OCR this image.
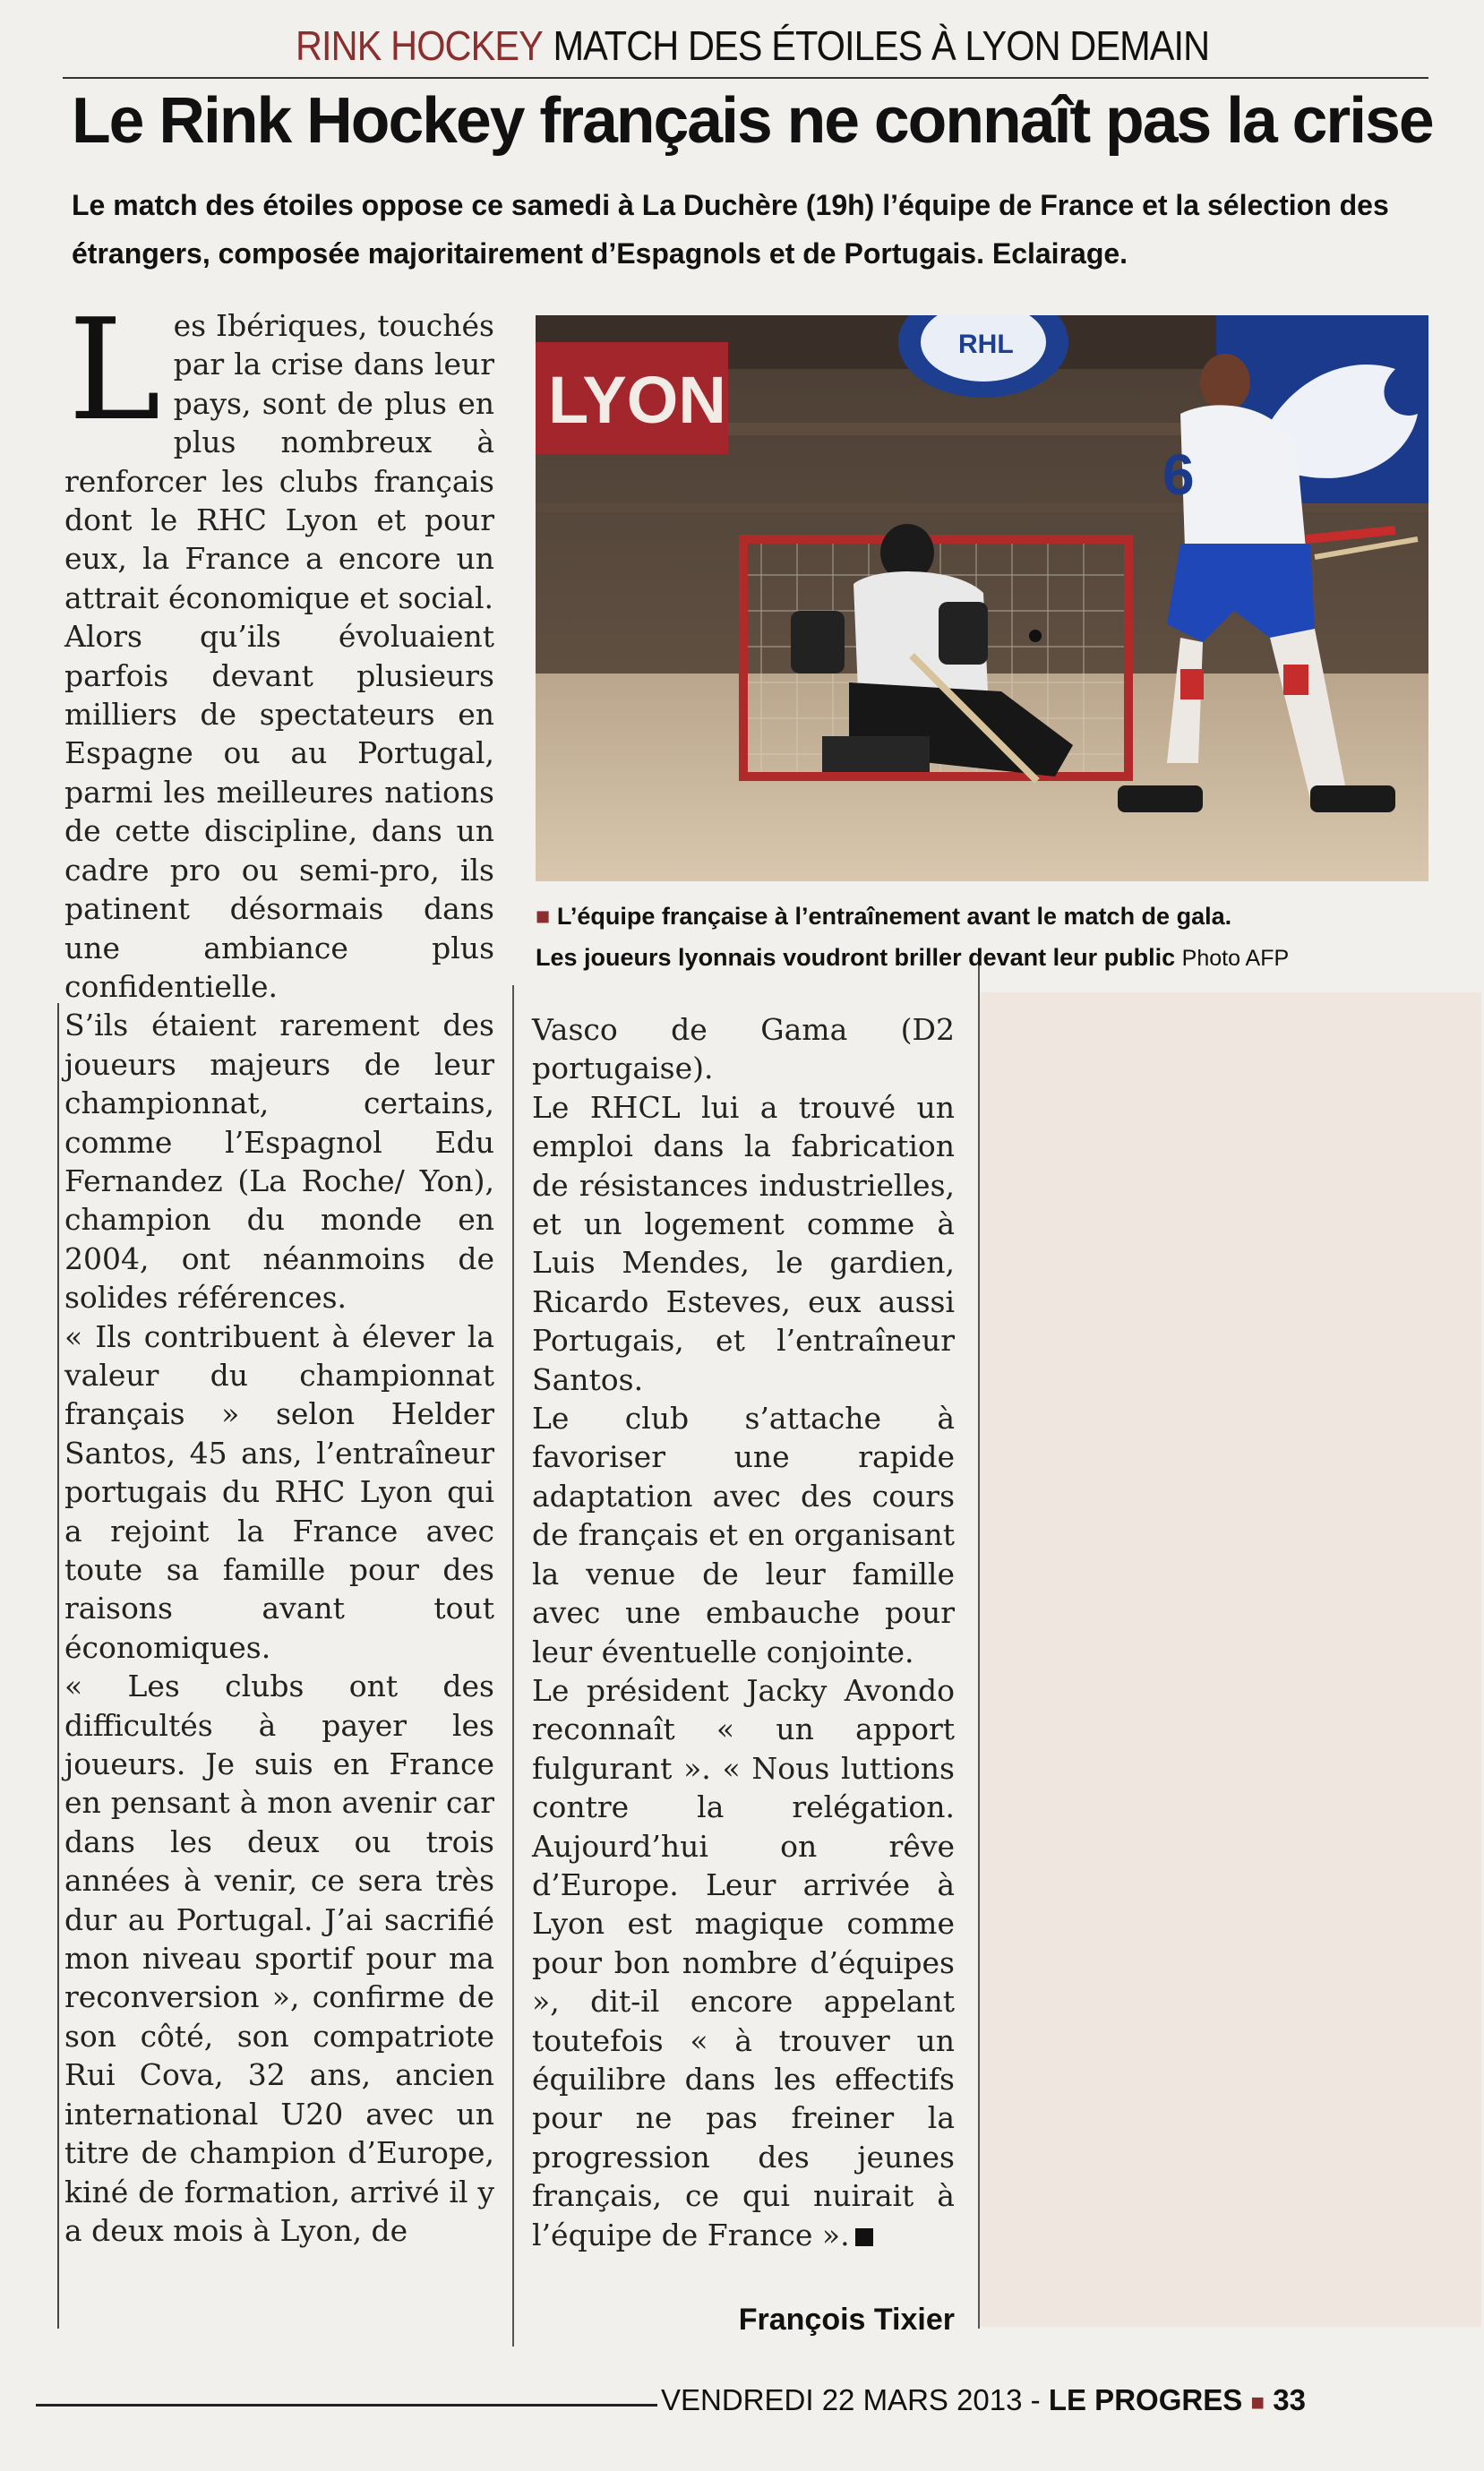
RINK HOCKEY MATCH DES ÉTOILES À LYON DEMAIN
Le Rink Hockey français ne connaît pas la crise
Le match des étoiles oppose ce samedi à La Duchère (19h) l’équipe de France et la sélection des étrangers, composée majoritairement d’Espagnols et de Portugais. Eclairage.

Les Ibériques, touchés par la crise dans leur pays, sont de plus en plus nombreux à renforcer les clubs français dont le RHC Lyon et pour eux, la France a encore un attrait économique et social.

Alors qu’ils évoluaient parfois devant plusieurs milliers de spectateurs en Espagne ou au Portugal, parmi les meilleures nations de cette discipline, dans un cadre pro ou semi-pro, ils patinent désormais dans une ambiance plus confidentielle.

S’ils étaient rarement des joueurs majeurs de leur championnat, certains, comme l’Espagnol Edu Fernandez (La Roche/ Yon), champion du monde en 2004, ont néanmoins de solides références.

« Ils contribuent à élever la valeur du championnat français » selon Helder Santos, 45 ans, l’entraîneur portugais du RHC Lyon qui a rejoint la France avec toute sa famille pour des raisons avant tout économiques.

« Les clubs ont des difficultés à payer les joueurs. Je suis en France en pensant à mon avenir car dans les deux ou trois années à venir, ce sera très dur au Portugal. J’ai sacrifié mon niveau sportif pour ma reconversion », confirme de son côté, son compatriote Rui Cova, 32 ans, ancien international U20 avec un titre de champion d’Europe, kiné de formation, arrivé il y a deux mois à Lyon, de

LYON
RHL
6
■ L’équipe française à l’entraînement avant le match de gala.
Les joueurs lyonnais voudront briller devant leur public Photo AFP

Vasco de Gama (D2 portugaise).

Le RHCL lui a trouvé un emploi dans la fabrication de résistances industrielles, et un logement comme à Luis Mendes, le gardien, Ricardo Esteves, eux aussi Portugais, et l’entraîneur Santos.

Le club s’attache à favoriser une rapide adaptation avec des cours de français et en organisant la venue de leur famille avec une embauche pour leur éventuelle conjointe.

Le président Jacky Avondo reconnaît « un apport fulgurant ». « Nous luttions contre la relégation. Aujourd’hui on rêve d’Europe. Leur arrivée à Lyon est magique comme pour bon nombre d’équipes », dit-il encore appelant toutefois « à trouver un équilibre dans les effectifs pour ne pas freiner la progression des jeunes français, ce qui nuirait à l’équipe de France ».

François Tixier
VENDREDI 22 MARS 2013 - LE PROGRES ■ 33
